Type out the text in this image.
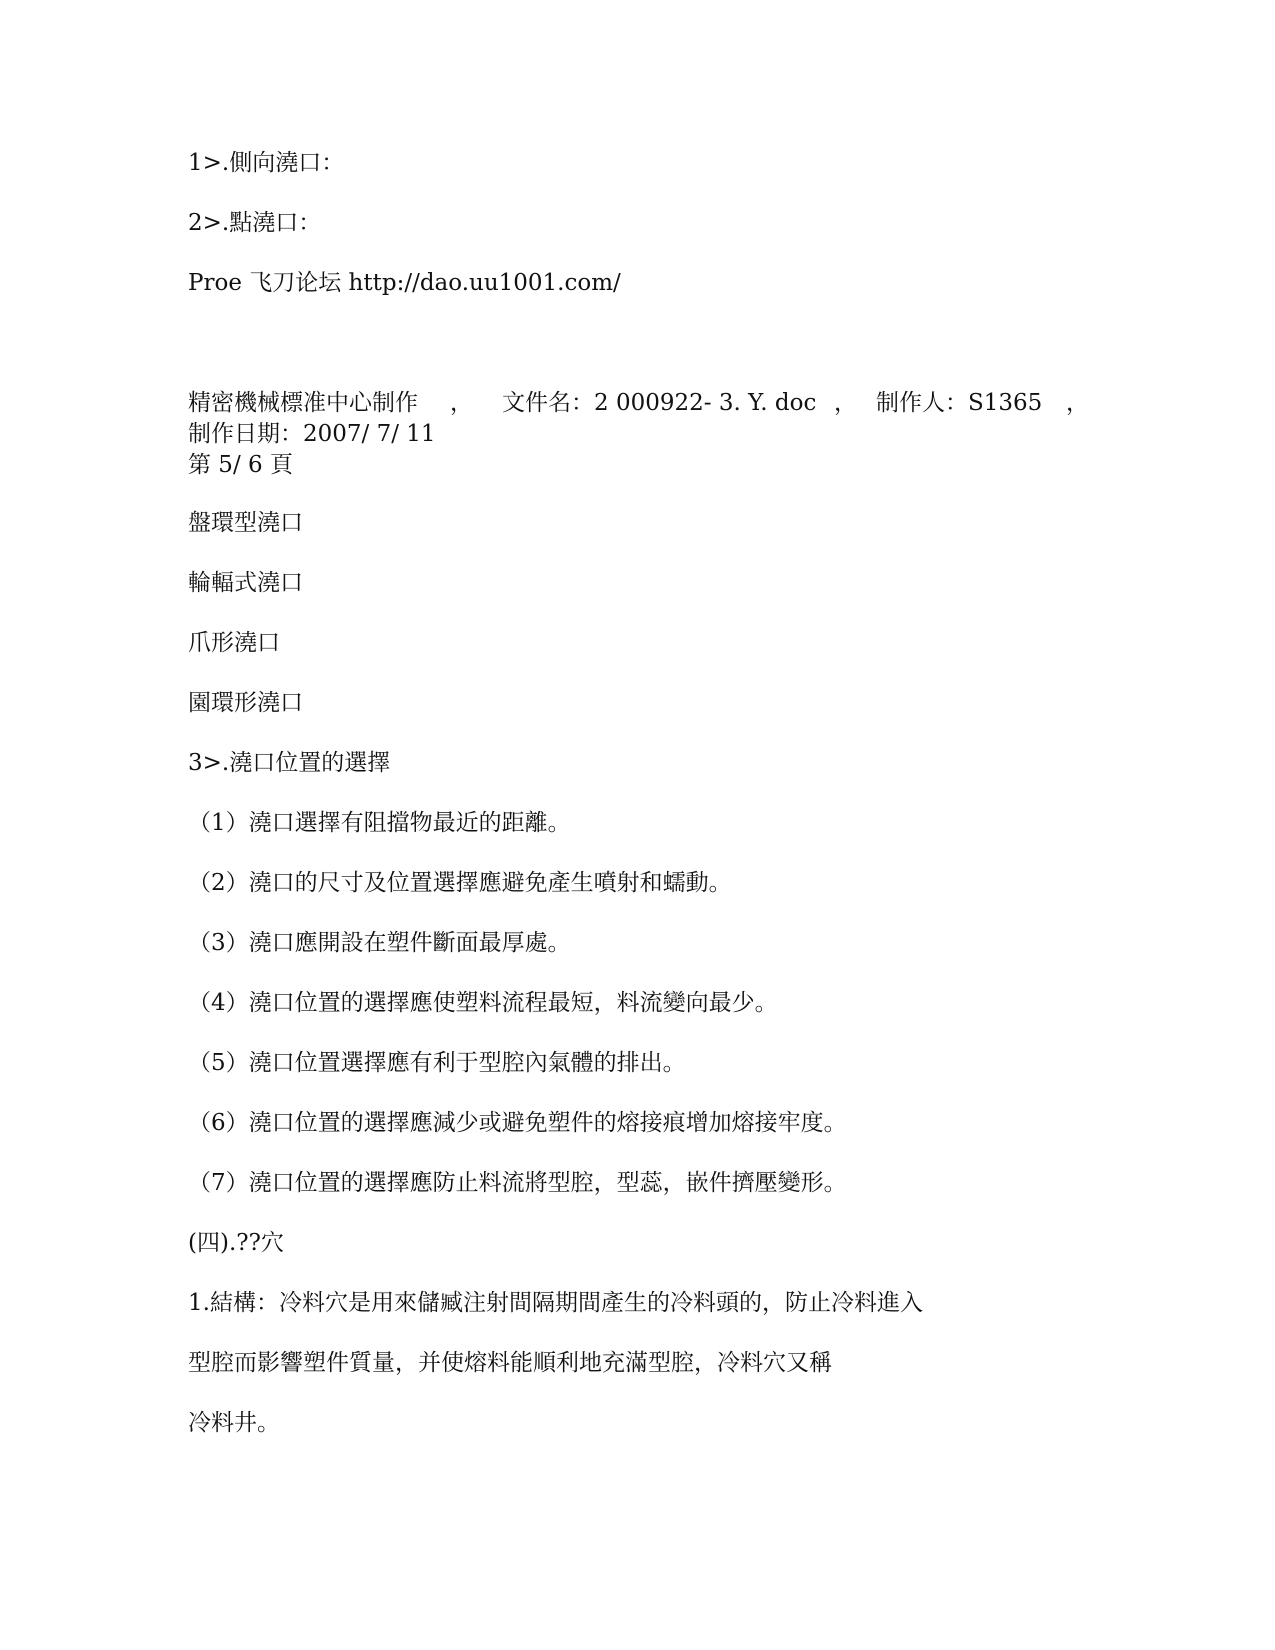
1>.側向澆口：
2>.點澆口：
Proe 飞刀论坛 http://dao.uu1001.com/
精密機械標准中心制作 ， 文件名：2 000922- 3. Y. doc ， 制作人：S1365 ，
制作日期：2007/ 7/ 11
第 5/ 6 頁
盤環型澆口
輪輻式澆口
爪形澆口
園環形澆口
3>.澆口位置的選擇
（1）澆口選擇有阻擋物最近的距離。
（2）澆口的尺寸及位置選擇應避免產生噴射和蠕動。
（3）澆口應開設在塑件斷面最厚處。
（4）澆口位置的選擇應使塑料流程最短，料流變向最少。
（5）澆口位置選擇應有利于型腔內氣體的排出。
（6）澆口位置的選擇應減少或避免塑件的熔接痕增加熔接牢度。
（7）澆口位置的選擇應防止料流將型腔，型蕊，嵌件擠壓變形。
(四).??穴
1.結構：冷料穴是用來儲臧注射間隔期間產生的冷料頭的，防止冷料進入
型腔而影響塑件質量，并使熔料能順利地充滿型腔，冷料穴又稱
冷料井。
